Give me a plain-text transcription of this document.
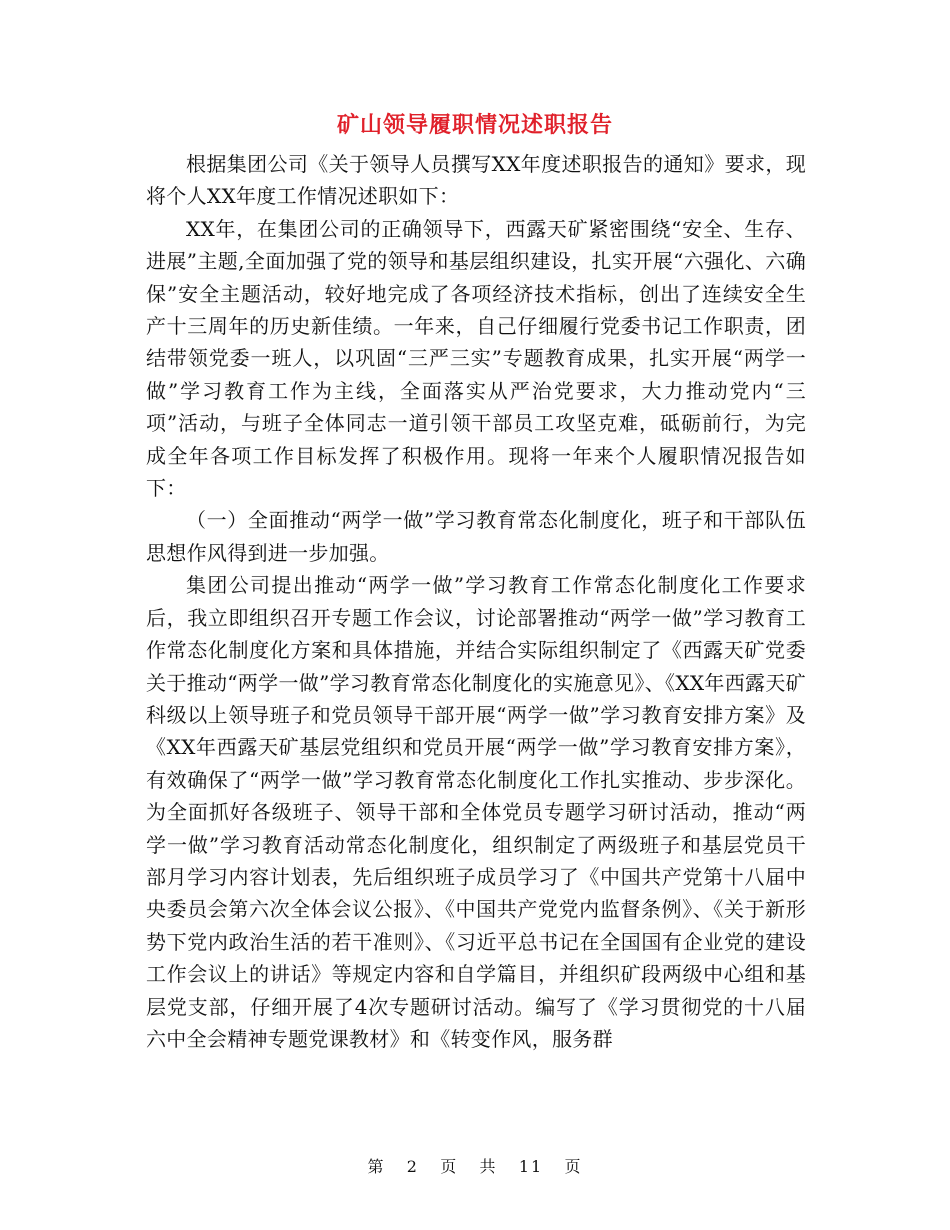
矿山领导履职情况述职报告

根据集团公司《关于领导人员撰写XX年度述职报告的通知》要求，现将个人XX年度工作情况述职如下：

XX年，在集团公司的正确领导下，西露天矿紧密围绕“安全、生存、进展”主题,全面加强了党的领导和基层组织建设，扎实开展“六强化、六确保”安全主题活动，较好地完成了各项经济技术指标，创出了连续安全生产十三周年的历史新佳绩。一年来，自己仔细履行党委书记工作职责，团结带领党委一班人，以巩固“三严三实”专题教育成果，扎实开展“两学一做”学习教育工作为主线，全面落实从严治党要求，大力推动党内“三项”活动，与班子全体同志一道引领干部员工攻坚克难，砥砺前行，为完成全年各项工作目标发挥了积极作用。现将一年来个人履职情况报告如下：

（一）全面推动“两学一做”学习教育常态化制度化，班子和干部队伍思想作风得到进一步加强。

集团公司提出推动“两学一做”学习教育工作常态化制度化工作要求后，我立即组织召开专题工作会议，讨论部署推动“两学一做”学习教育工作常态化制度化方案和具体措施，并结合实际组织制定了《西露天矿党委关于推动“两学一做”学习教育常态化制度化的实施意见》、《XX年西露天矿科级以上领导班子和党员领导干部开展“两学一做”学习教育安排方案》及《XX年西露天矿基层党组织和党员开展“两学一做”学习教育安排方案》，有效确保了“两学一做”学习教育常态化制度化工作扎实推动、步步深化。为全面抓好各级班子、领导干部和全体党员专题学习研讨活动，推动“两学一做”学习教育活动常态化制度化，组织制定了两级班子和基层党员干部月学习内容计划表，先后组织班子成员学习了《中国共产党第十八届中央委员会第六次全体会议公报》、《中国共产党党内监督条例》、《关于新形势下党内政治生活的若干准则》、《习近平总书记在全国国有企业党的建设工作会议上的讲话》等规定内容和自学篇目，并组织矿段两级中心组和基层党支部，仔细开展了4次专题研讨活动。编写了《学习贯彻党的十八届六中全会精神专题党课教材》和《转变作风，服务群

第 2 页 共 11 页
